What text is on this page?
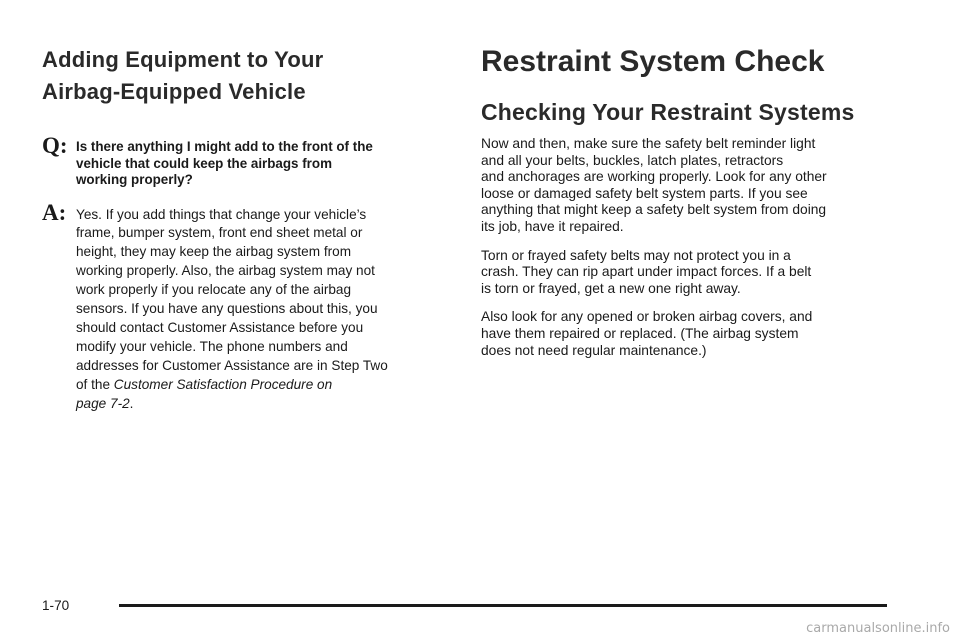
Adding Equipment to Your
Airbag-Equipped Vehicle
Q: Is there anything I might add to the front of the
vehicle that could keep the airbags from
working properly?

A: Yes. If you add things that change your vehicle’s
frame, bumper system, front end sheet metal or
height, they may keep the airbag system from
working properly. Also, the airbag system may not
work properly if you relocate any of the airbag
sensors. If you have any questions about this, you
should contact Customer Assistance before you
modify your vehicle. The phone numbers and
addresses for Customer Assistance are in Step Two
of the Customer Satisfaction Procedure on
page 7-2.

Restraint System Check
Checking Your Restraint Systems

Now and then, make sure the safety belt reminder light
and all your belts, buckles, latch plates, retractors
and anchorages are working properly. Look for any other
loose or damaged safety belt system parts. If you see
anything that might keep a safety belt system from doing
its job, have it repaired.

Torn or frayed safety belts may not protect you in a
crash. They can rip apart under impact forces. If a belt
is torn or frayed, get a new one right away.

Also look for any opened or broken airbag covers, and
have them repaired or replaced. (The airbag system
does not need regular maintenance.)

1-70
carmanualsonline.info
